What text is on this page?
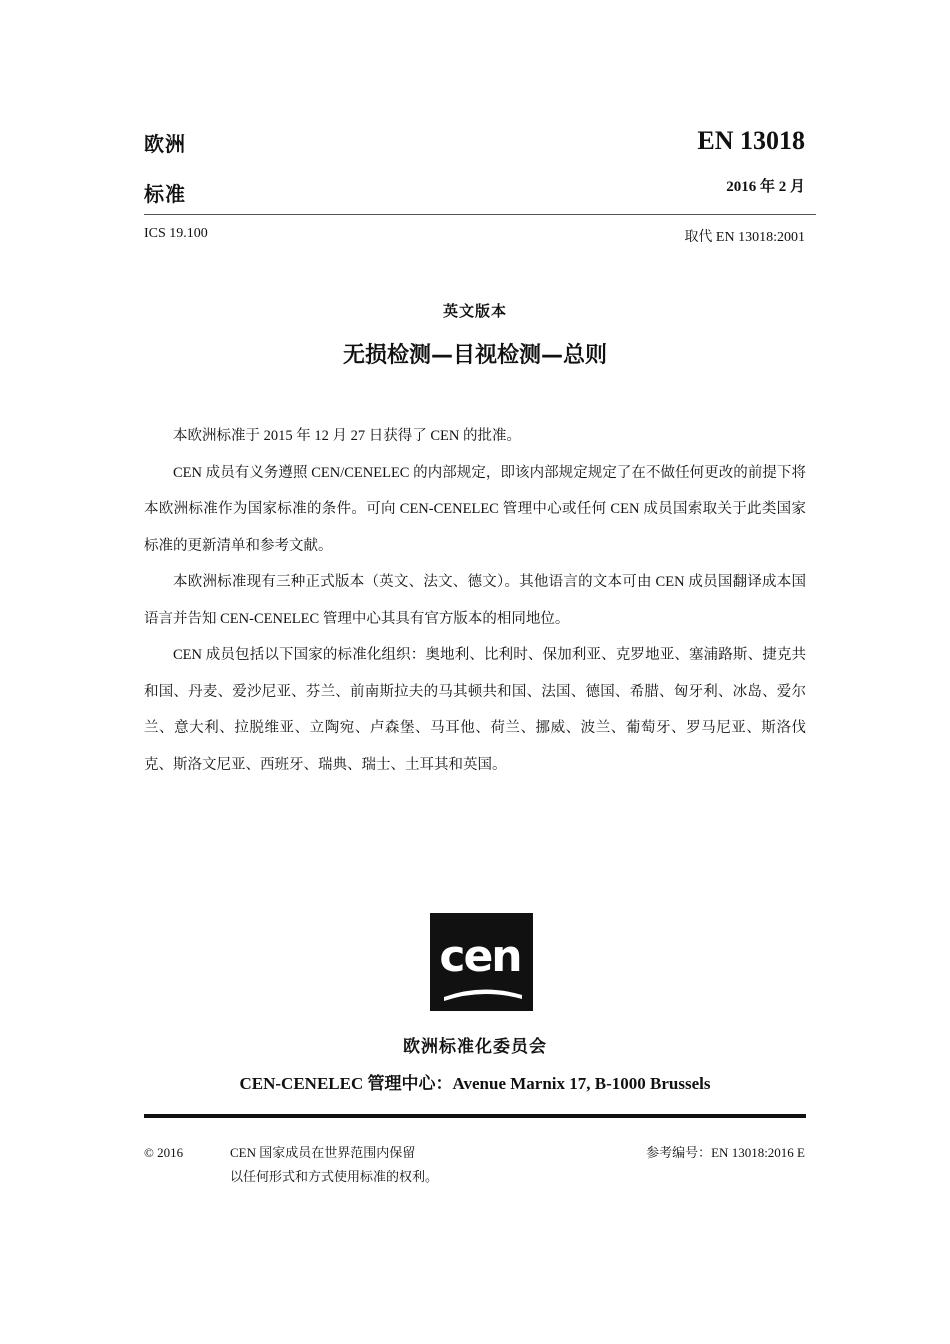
欧洲
标准
EN 13018
2016 年 2 月
ICS 19.100	取代 EN 13018:2001
英文版本
无损检测—目视检测—总则

本欧洲标准于 2015 年 12 月 27 日获得了 CEN 的批准。

CEN 成员有义务遵照 CEN/CENELEC 的内部规定，即该内部规定规定了在不做任何更改的前提下将本欧洲标准作为国家标准的条件。可向 CEN-CENELEC 管理中心或任何 CEN 成员国索取关于此类国家标准的更新清单和参考文献。

本欧洲标准现有三种正式版本（英文、法文、德文）。其他语言的文本可由 CEN 成员国翻译成本国语言并告知 CEN-CENELEC 管理中心其具有官方版本的相同地位。

CEN 成员包括以下国家的标准化组织：奥地利、比利时、保加利亚、克罗地亚、塞浦路斯、捷克共和国、丹麦、爱沙尼亚、芬兰、前南斯拉夫的马其顿共和国、法国、德国、希腊、匈牙利、冰岛、爱尔兰、意大利、拉脱维亚、立陶宛、卢森堡、马耳他、荷兰、挪威、波兰、葡萄牙、罗马尼亚、斯洛伐克、斯洛文尼亚、西班牙、瑞典、瑞士、土耳其和英国。

cen
欧洲标准化委员会
CEN-CENELEC 管理中心：Avenue Marnix 17, B-1000 Brussels
© 2016	CEN 国家成员在世界范围内保留
以任何形式和方式使用标准的权利。
参考编号：EN 13018:2016 E
